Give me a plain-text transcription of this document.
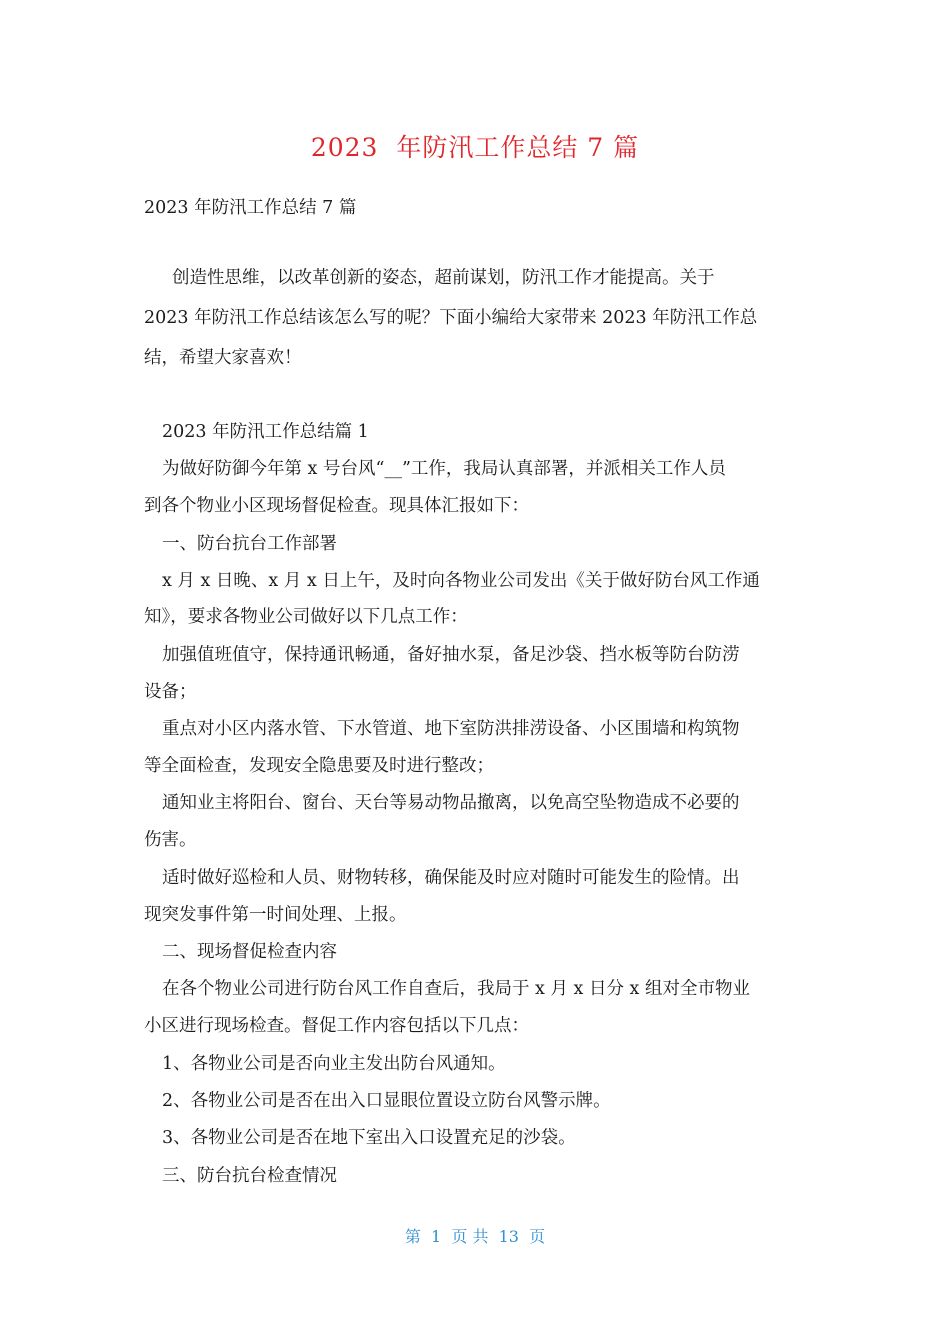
2023  年防汛工作总结 7 篇
2023 年防汛工作总结 7 篇
创造性思维，以改革创新的姿态，超前谋划，防汛工作才能提高。关于
2023 年防汛工作总结该怎么写的呢？下面小编给大家带来 2023 年防汛工作总
结，希望大家喜欢！
2023 年防汛工作总结篇 1
为做好防御今年第 x 号台风“__”工作，我局认真部署，并派相关工作人员
到各个物业小区现场督促检查。现具体汇报如下：
一、防台抗台工作部署
x 月 x 日晚、x 月 x 日上午，及时向各物业公司发出《关于做好防台风工作通
知》，要求各物业公司做好以下几点工作：
加强值班值守，保持通讯畅通，备好抽水泵，备足沙袋、挡水板等防台防涝
设备；
重点对小区内落水管、下水管道、地下室防洪排涝设备、小区围墙和构筑物
等全面检查，发现安全隐患要及时进行整改；
通知业主将阳台、窗台、天台等易动物品撤离，以免高空坠物造成不必要的
伤害。
适时做好巡检和人员、财物转移，确保能及时应对随时可能发生的险情。出
现突发事件第一时间处理、上报。
二、现场督促检查内容
在各个物业公司进行防台风工作自查后，我局于 x 月 x 日分 x 组对全市物业
小区进行现场检查。督促工作内容包括以下几点：
1、各物业公司是否向业主发出防台风通知。
2、各物业公司是否在出入口显眼位置设立防台风警示牌。
3、各物业公司是否在地下室出入口设置充足的沙袋。
三、防台抗台检查情况
第  1  页 共  13  页
